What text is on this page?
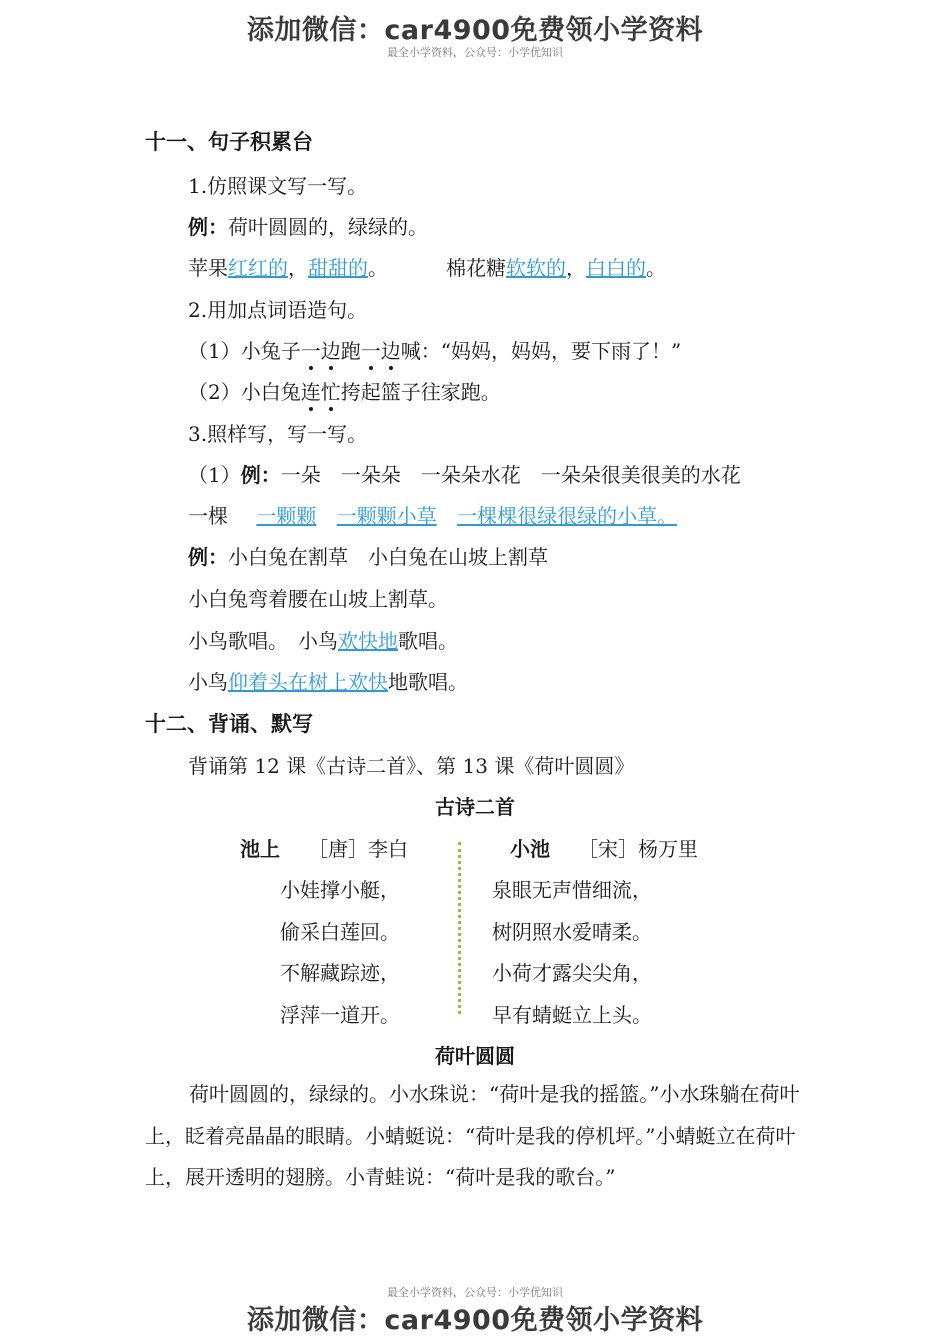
添加微信：car4900免费领小学资料
最全小学资料，公众号：小学优知识
十一、句子积累台
1.仿照课文写一写。
例：荷叶圆圆的，绿绿的。
苹果红红的，甜甜的。	棉花糖软软的，白白的。
2.用加点词语造句。
（1）小兔子一边跑一边喊：“妈妈，妈妈，要下雨了！”
（2）小白兔连忙挎起篮子往家跑。
3.照样写，写一写。
（1）例：一朵　一朵朵　一朵朵水花　一朵朵很美很美的水花
一棵 一颗颗 一颗颗小草 一棵棵很绿很绿的小草。
例：小白兔在割草　小白兔在山坡上割草
小白兔弯着腰在山坡上割草。
小鸟歌唱。　小鸟欢快地歌唱。
小鸟仰着头在树上欢快地歌唱。
十二、背诵、默写
背诵第 12 课《古诗二首》、第 13 课《荷叶圆圆》
古诗二首
池上 ［唐］李白
小娃撑小艇，
偷采白莲回。
不解藏踪迹，
浮萍一道开。
小池 ［宋］杨万里
泉眼无声惜细流，
树阴照水爱晴柔。
小荷才露尖尖角，
早有蜻蜓立上头。
荷叶圆圆
荷叶圆圆的，绿绿的。小水珠说：“荷叶是我的摇篮。”小水珠躺在荷叶上，眨着亮晶晶的眼睛。小蜻蜓说：“荷叶是我的停机坪。”小蜻蜓立在荷叶上，展开透明的翅膀。小青蛙说：“荷叶是我的歌台。”
最全小学资料，公众号：小学优知识
添加微信：car4900免费领小学资料
